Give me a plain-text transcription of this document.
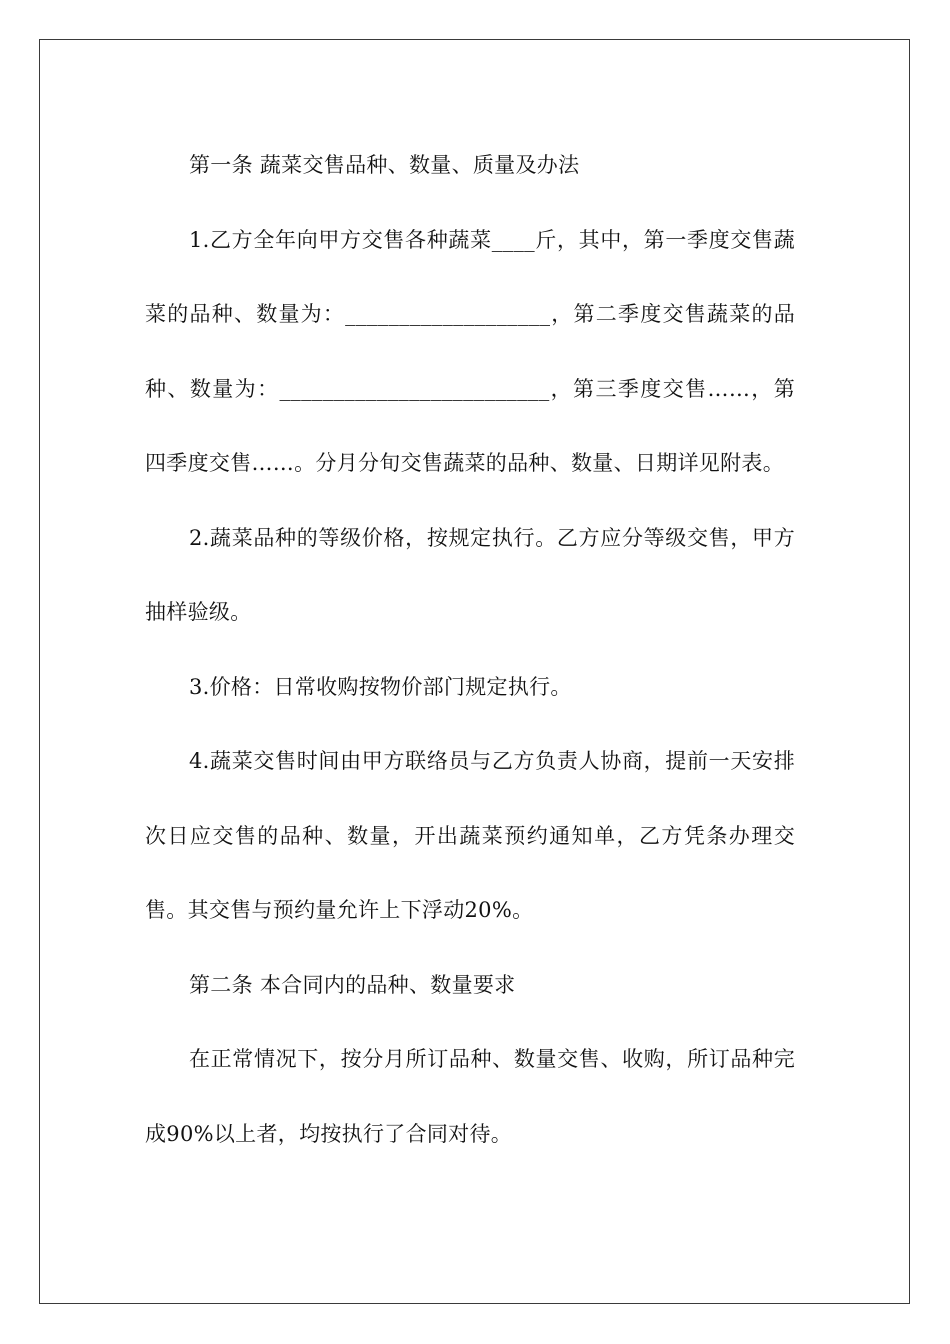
第一条 蔬菜交售品种、数量、质量及办法

1.乙方全年向甲方交售各种蔬菜____斤，其中，第一季度交售蔬菜的品种、数量为：___________________，第二季度交售蔬菜的品种、数量为：_________________________，第三季度交售……，第四季度交售……。分月分旬交售蔬菜的品种、数量、日期详见附表。

2.蔬菜品种的等级价格，按规定执行。乙方应分等级交售，甲方抽样验级。

3.价格：日常收购按物价部门规定执行。

4.蔬菜交售时间由甲方联络员与乙方负责人协商，提前一天安排次日应交售的品种、数量，开出蔬菜预约通知单，乙方凭条办理交售。其交售与预约量允许上下浮动20%。

第二条 本合同内的品种、数量要求

在正常情况下，按分月所订品种、数量交售、收购，所订品种完成90%以上者，均按执行了合同对待。
